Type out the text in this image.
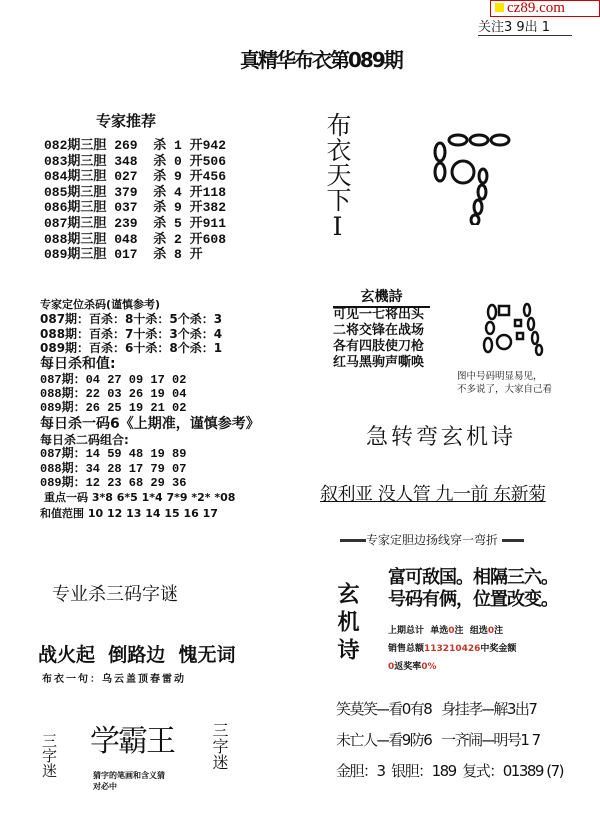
cz89.com
关注3 9出 1
真精华布衣第089期
专家推荐
082期三胆 269  杀 1 开942
083期三胆 348  杀 0 开506
084期三胆 027  杀 9 开456
085期三胆 379  杀 4 开118
086期三胆 037  杀 9 开382
087期三胆 239  杀 5 开911
088期三胆 048  杀 2 开608
089期三胆 017  杀 8 开
布衣天下I
专家定位杀码(谨慎参考)
087期：百杀：8十杀：5个杀：3
088期：百杀：7十杀：3个杀：4
089期：百杀：6十杀：8个杀：1
每日杀和值:
087期：04 27 09 17 02
088期：22 03 26 19 04
089期：26 25 19 21 02
每日杀一码6《上期准，谨慎参考》
每日杀二码组合:
087期：14 59 48 19 89
088期：34 28 17 79 07
089期：12 23 68 29 36
重点一码 3*8 6*5 1*4 7*9 *2* *08
和值范围 10 12 13 14 15 16 17
玄機詩
可见一七将出头
二将交锋在战场
各有四肢使刀枪
红马黑驹声嘶唤
图中号码明显易见，
不多说了，大家自己看
急转弯玄机诗
叙利亚 没人管 九一前 东新菊
专家定胆边扬线穿一弯折
玄机诗
富可敌国。相隔三六。
号码有俩，位置改变。
上期总计  单选0注  组选0注
销售总额113210426中奖金额
0返奖率0%
笑莫笑---看0有8   身挂孝---解3出7
未亡人---看9防6   一齐闹---明号1 7
金胆：3  银胆：189  复式：01389 (7)
专业杀三码字谜
战火起  倒路边  愧无词
布衣一句：乌云盖顶春雷动
三字迷	三字迷
学霸王
猜字的笔画和含义猜
对必中
